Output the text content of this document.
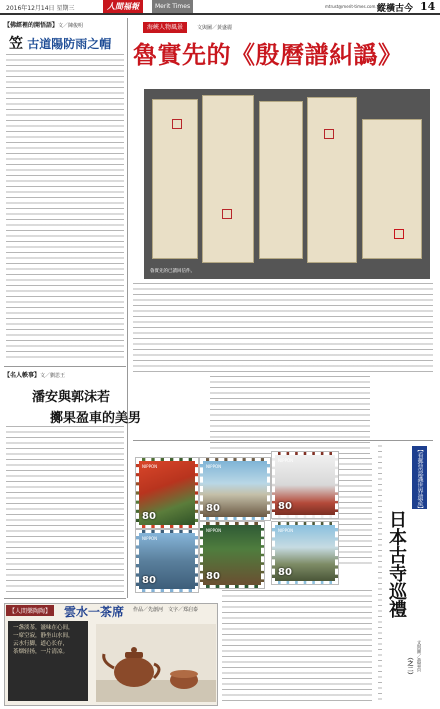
2016年12月14日 星期三	人間福報	Merit Times	mtrust@merit-times.com.tw
縱橫古今 14
【佛經裡的開悟語】文／陳俊明
笠 古道陽防雨之帽
【名人軼事】文／劉思王
潘安與郭沫若
擲果盈車的美男
【人間樂陶陶】 雲水一茶席 作品／先創河　文字／郑启泰
一盏淡茶，滋味在心间，
一席空寂，静坐山水间，
云水行脚，道心长存，
茶烟轻扬，一片清凉。
海峽人物風景	文與圖／黃盛麗
魯實先的《殷曆譜糾譌》
魯實先的已讀回信件。
【看郵票認識世界遺產】
日本古寺巡禮
（之二） 文與圖／黃慧貞
NIPPON
80
NIPPON
80
NIPPON
80
NIPPON
80
NIPPON
80
NIPPON
80
